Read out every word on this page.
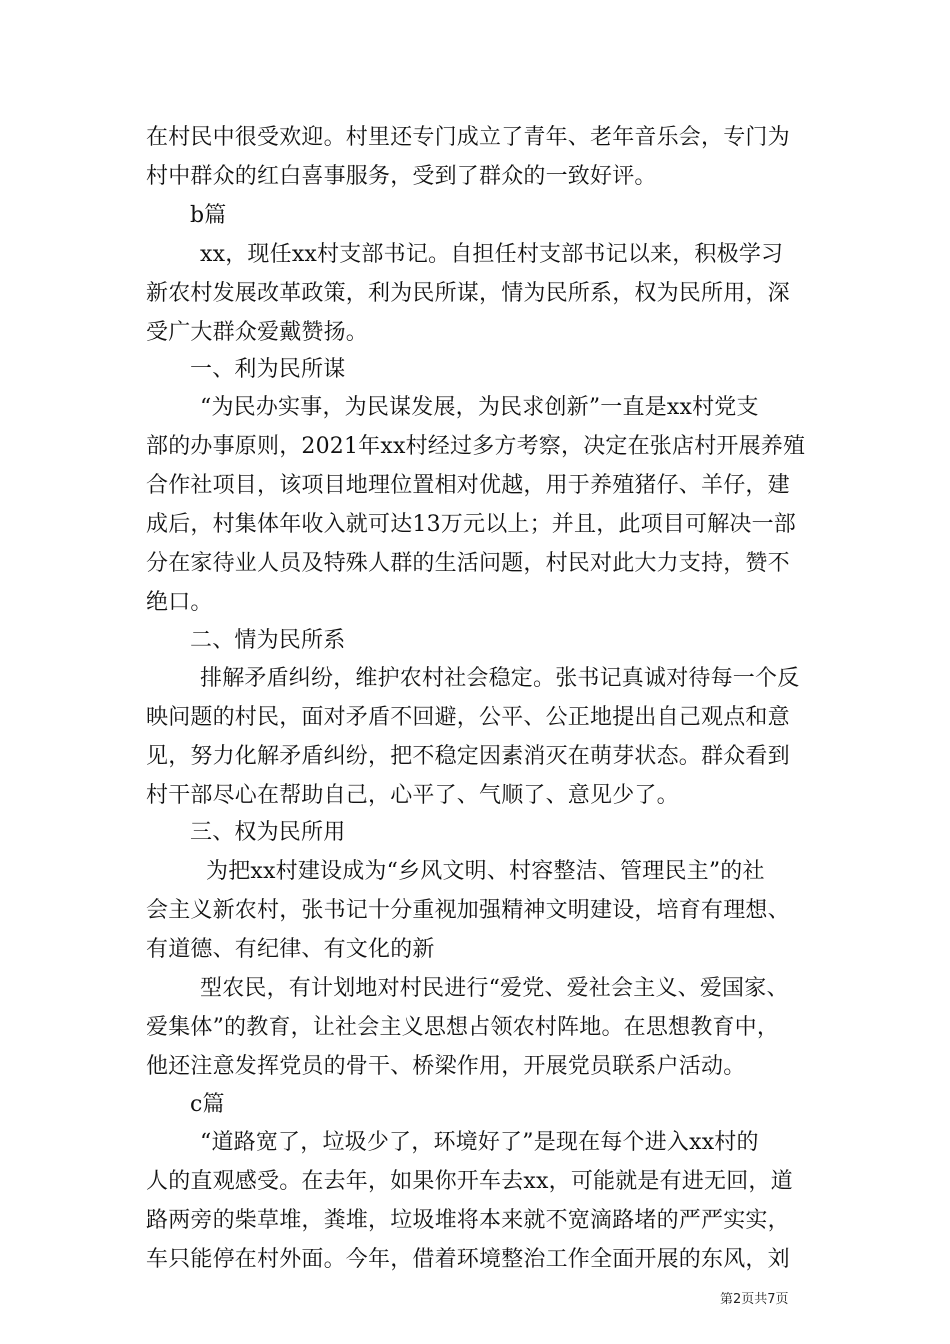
在村民中很受欢迎。村里还专门成立了青年、老年音乐会，专门为
村中群众的红白喜事服务，受到了群众的一致好评。
b篇
xx，现任xx村支部书记。自担任村支部书记以来，积极学习
新农村发展改革政策，利为民所谋，情为民所系，权为民所用，深
受广大群众爱戴赞扬。
一、利为民所谋
“为民办实事，为民谋发展，为民求创新”一直是xx村党支
部的办事原则，2021年xx村经过多方考察，决定在张店村开展养殖
合作社项目，该项目地理位置相对优越，用于养殖猪仔、羊仔，建
成后，村集体年收入就可达13万元以上；并且，此项目可解决一部
分在家待业人员及特殊人群的生活问题，村民对此大力支持，赞不
绝口。
二、情为民所系
排解矛盾纠纷，维护农村社会稳定。张书记真诚对待每一个反
映问题的村民，面对矛盾不回避，公平、公正地提出自己观点和意
见，努力化解矛盾纠纷，把不稳定因素消灭在萌芽状态。群众看到
村干部尽心在帮助自己，心平了、气顺了、意见少了。
三、权为民所用
为把xx村建设成为“乡风文明、村容整洁、管理民主”的社
会主义新农村，张书记十分重视加强精神文明建设，培育有理想、
有道德、有纪律、有文化的新
型农民，有计划地对村民进行“爱党、爱社会主义、爱国家、
爱集体”的教育，让社会主义思想占领农村阵地。在思想教育中，
他还注意发挥党员的骨干、桥梁作用，开展党员联系户活动。
c篇
“道路宽了，垃圾少了，环境好了”是现在每个进入xx村的
人的直观感受。在去年，如果你开车去xx，可能就是有进无回，道
路两旁的柴草堆，粪堆，垃圾堆将本来就不宽滴路堵的严严实实，
车只能停在村外面。今年，借着环境整治工作全面开展的东风，刘
第2页共7页
